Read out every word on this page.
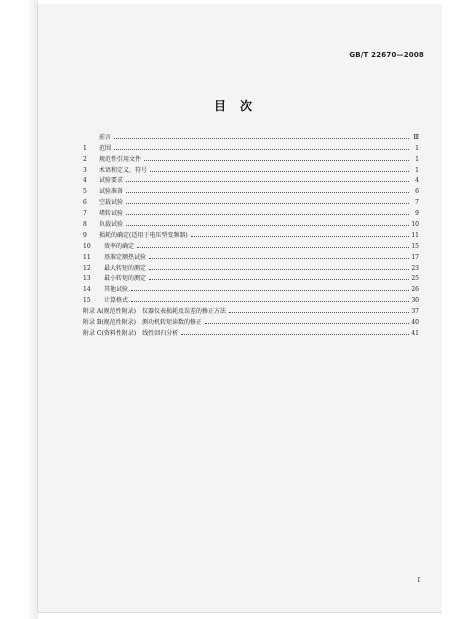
GB/T 22670—2008
目次
前言	Ⅲ
1	范围	1
2	规范性引用文件	1
3	术语和定义、符号	1
4	试验要求	4
5	试验准备	6
6	空载试验	7
7	堵转试验	9
8	负载试验	10
9	损耗的确定(适用于电压型变频器)	11
10	效率的确定	15
11	基准定额热试验	17
12	最大转矩的测定	23
13	最小转矩的测定	25
14	其他试验	26
15	计算格式	30
附录 A(规范性附录) 仪器仪表损耗及误差的修正方法	37
附录 B(规范性附录) 测功机转矩读数的修正	40
附录 C(资料性附录) 线性回归分析	41
I
